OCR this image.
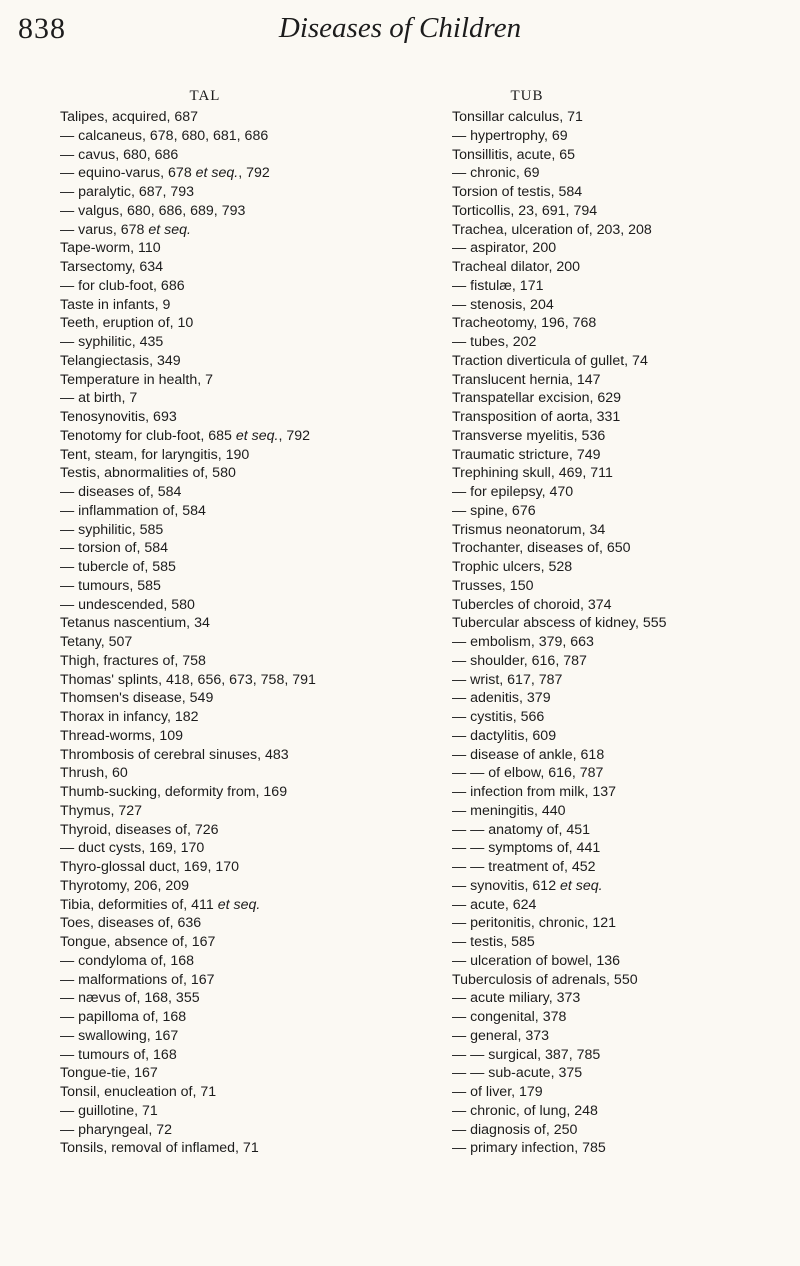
838	Diseases of Children
TAL
Talipes, acquired, 687
— calcaneus, 678, 680, 681, 686
— cavus, 680, 686
— equino-varus, 678 et seq., 792
— paralytic, 687, 793
— valgus, 680, 686, 689, 793
— varus, 678 et seq.
Tape-worm, 110
Tarsectomy, 634
— for club-foot, 686
Taste in infants, 9
Teeth, eruption of, 10
— syphilitic, 435
Telangiectasis, 349
Temperature in health, 7
— at birth, 7
Tenosynovitis, 693
Tenotomy for club-foot, 685 et seq., 792
Tent, steam, for laryngitis, 190
Testis, abnormalities of, 580
— diseases of, 584
— inflammation of, 584
— syphilitic, 585
— torsion of, 584
— tubercle of, 585
— tumours, 585
— undescended, 580
Tetanus nascentium, 34
Tetany, 507
Thigh, fractures of, 758
Thomas' splints, 418, 656, 673, 758, 791
Thomsen's disease, 549
Thorax in infancy, 182
Thread-worms, 109
Thrombosis of cerebral sinuses, 483
Thrush, 60
Thumb-sucking, deformity from, 169
Thymus, 727
Thyroid, diseases of, 726
— duct cysts, 169, 170
Thyro-glossal duct, 169, 170
Thyrotomy, 206, 209
Tibia, deformities of, 411 et seq.
Toes, diseases of, 636
Tongue, absence of, 167
— condyloma of, 168
— malformations of, 167
— nævus of, 168, 355
— papilloma of, 168
— swallowing, 167
— tumours of, 168
Tongue-tie, 167
Tonsil, enucleation of, 71
— guillotine, 71
— pharyngeal, 72
Tonsils, removal of inflamed, 71
TUB
Tonsillar calculus, 71
— hypertrophy, 69
Tonsillitis, acute, 65
— chronic, 69
Torsion of testis, 584
Torticollis, 23, 691, 794
Trachea, ulceration of, 203, 208
— aspirator, 200
Tracheal dilator, 200
— fistulæ, 171
— stenosis, 204
Tracheotomy, 196, 768
— tubes, 202
Traction diverticula of gullet, 74
Translucent hernia, 147
Transpatellar excision, 629
Transposition of aorta, 331
Transverse myelitis, 536
Traumatic stricture, 749
Trephining skull, 469, 711
— for epilepsy, 470
— spine, 676
Trismus neonatorum, 34
Trochanter, diseases of, 650
Trophic ulcers, 528
Trusses, 150
Tubercles of choroid, 374
Tubercular abscess of kidney, 555
— embolism, 379, 663
— shoulder, 616, 787
— wrist, 617, 787
— adenitis, 379
— cystitis, 566
— dactylitis, 609
— disease of ankle, 618
— — of elbow, 616, 787
— infection from milk, 137
— meningitis, 440
— — anatomy of, 451
— — symptoms of, 441
— — treatment of, 452
— synovitis, 612 et seq.
— acute, 624
— peritonitis, chronic, 121
— testis, 585
— ulceration of bowel, 136
Tuberculosis of adrenals, 550
— acute miliary, 373
— congenital, 378
— general, 373
— — surgical, 387, 785
— — sub-acute, 375
— of liver, 179
— chronic, of lung, 248
— diagnosis of, 250
— primary infection, 785
